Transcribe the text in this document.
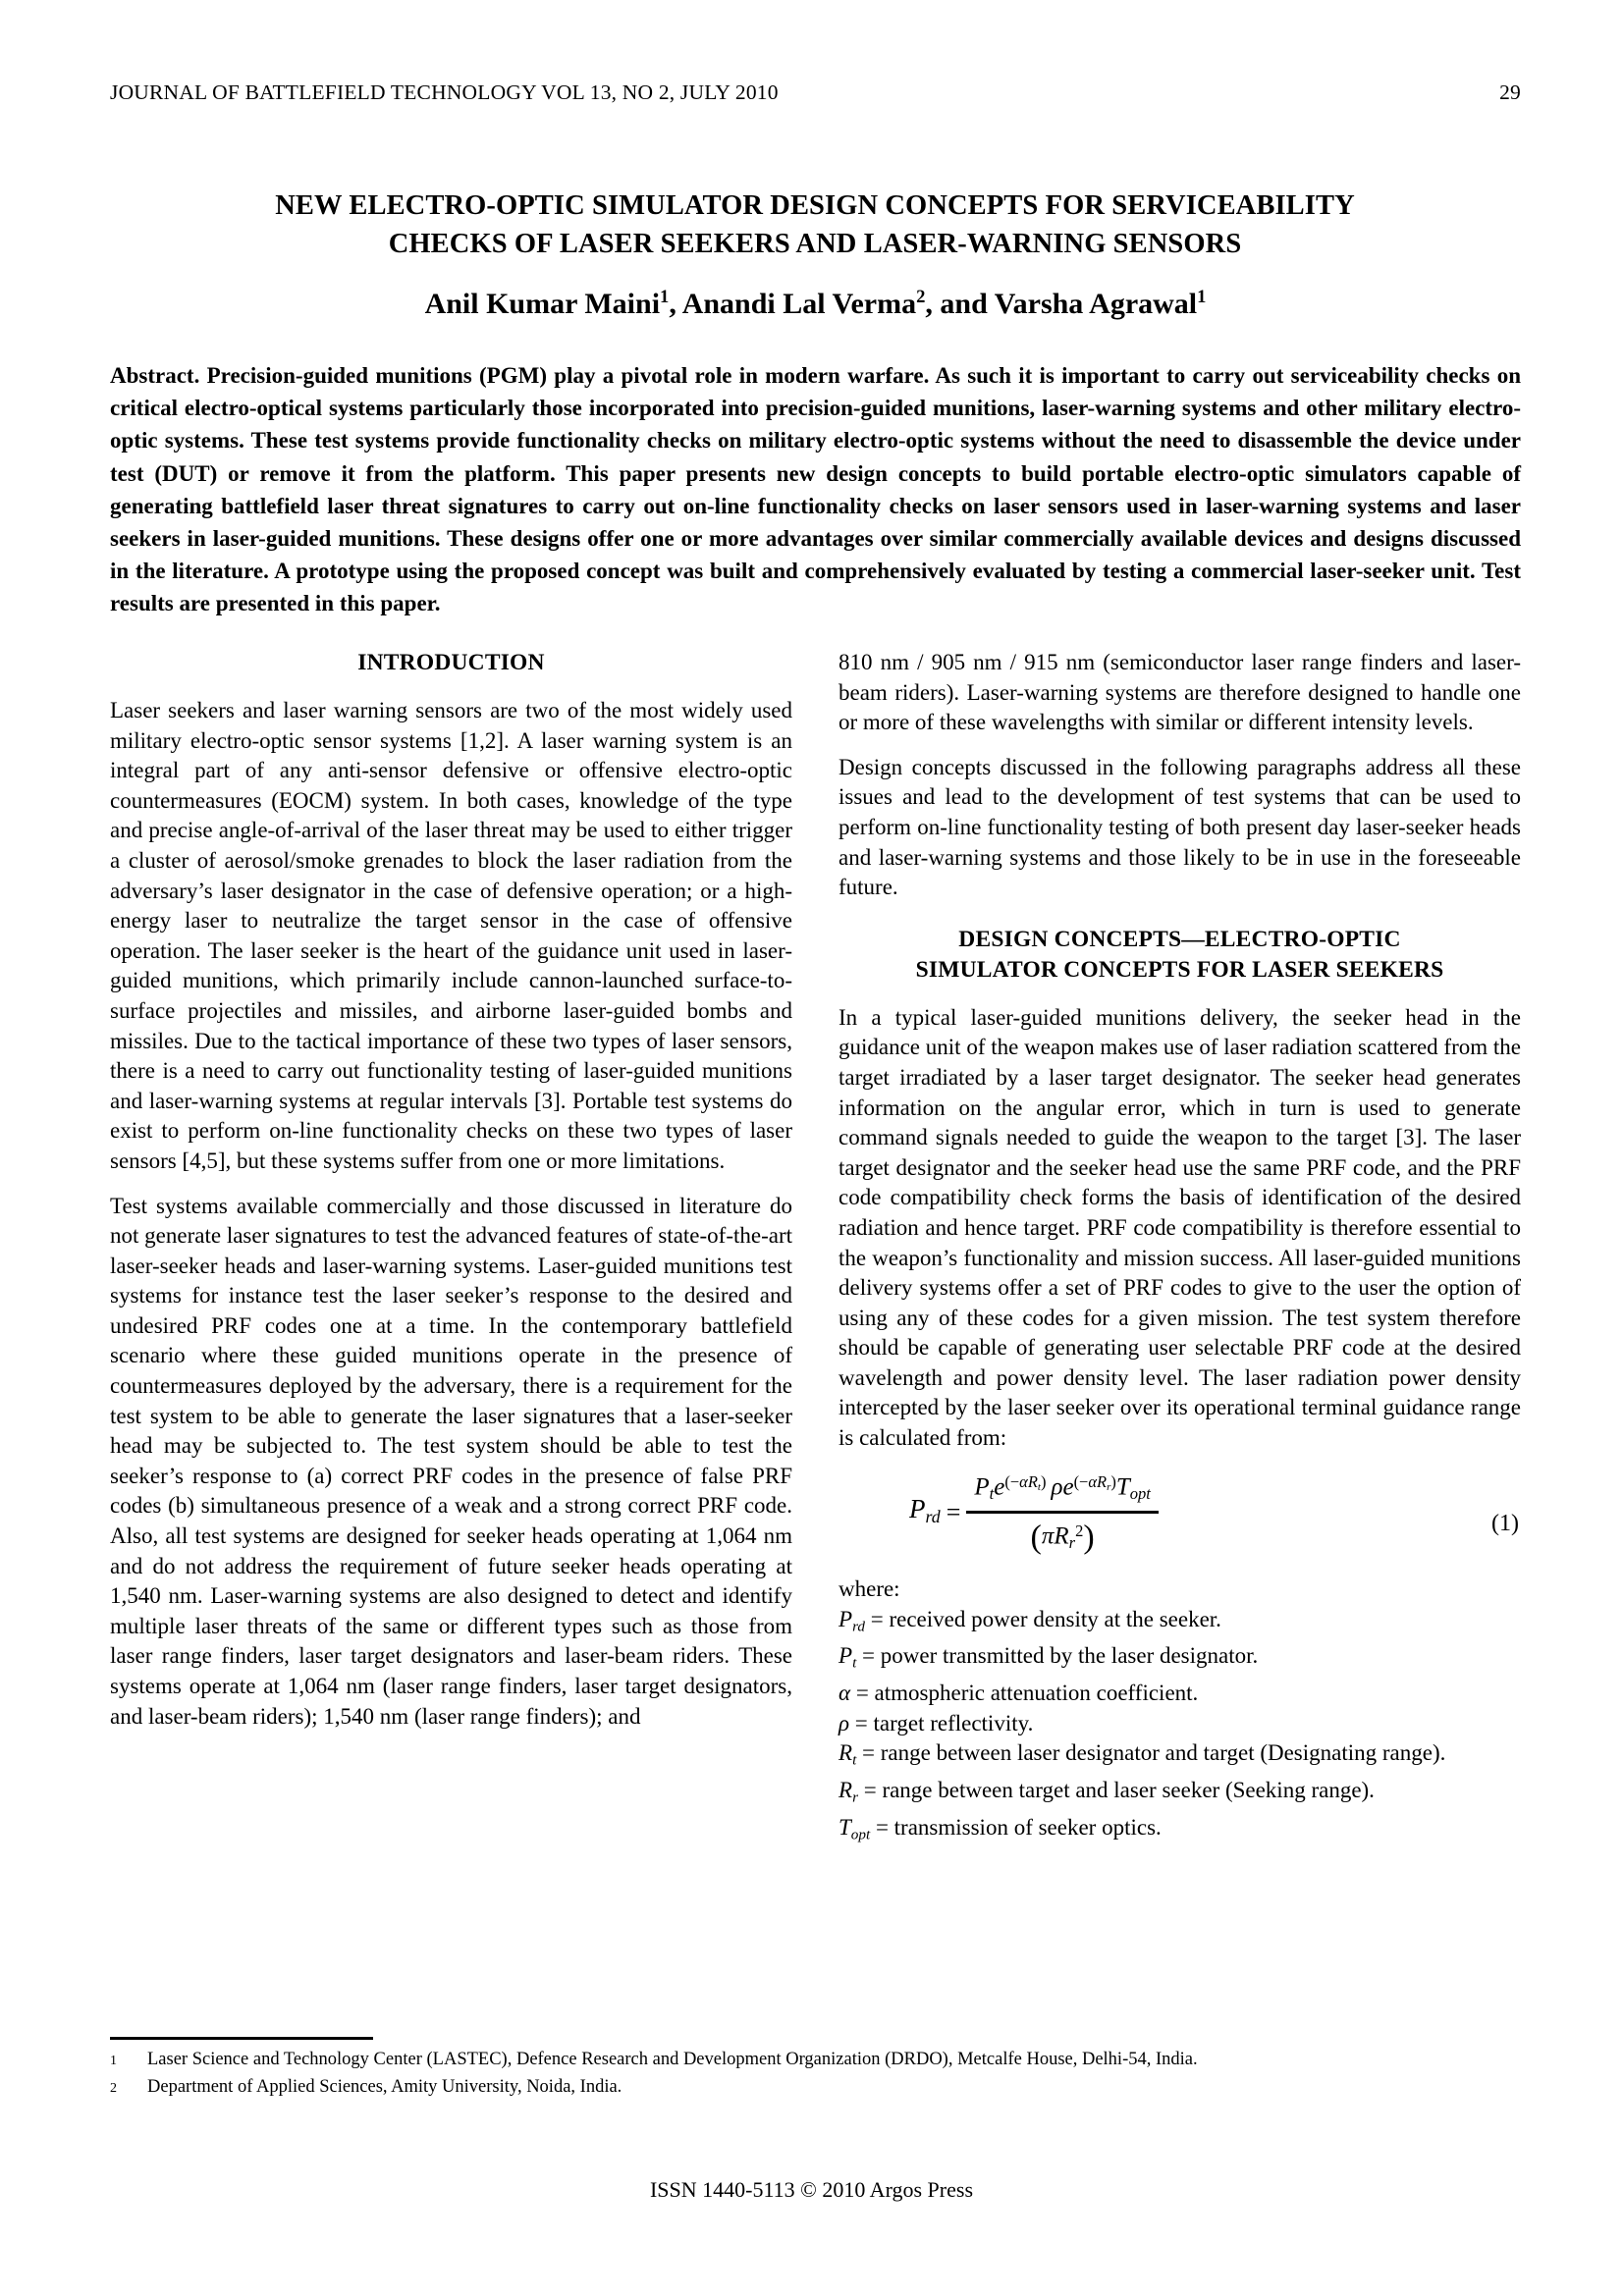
JOURNAL OF BATTLEFIELD TECHNOLOGY VOL 13, NO 2, JULY 2010	29
NEW ELECTRO-OPTIC SIMULATOR DESIGN CONCEPTS FOR SERVICEABILITY
CHECKS OF LASER SEEKERS AND LASER-WARNING SENSORS
Anil Kumar Maini$^1$, Anandi Lal Verma$^2$, and Varsha Agrawal$^1$
Abstract. Precision-guided munitions (PGM) play a pivotal role in modern warfare. As such it is important to carry out serviceability checks on critical electro-optical systems particularly those incorporated into precision-guided munitions, laser-warning systems and other military electro-optic systems. These test systems provide functionality checks on military electro-optic systems without the need to disassemble the device under test (DUT) or remove it from the platform. This paper presents new design concepts to build portable electro-optic simulators capable of generating battlefield laser threat signatures to carry out on-line functionality checks on laser sensors used in laser-warning systems and laser seekers in laser-guided munitions. These designs offer one or more advantages over similar commercially available devices and designs discussed in the literature. A prototype using the proposed concept was built and comprehensively evaluated by testing a commercial laser-seeker unit. Test results are presented in this paper.
INTRODUCTION

Laser seekers and laser warning sensors are two of the most widely used military electro-optic sensor systems [1,2]. A laser warning system is an integral part of any anti-sensor defensive or offensive electro-optic countermeasures (EOCM) system. In both cases, knowledge of the type and precise angle-of-arrival of the laser threat may be used to either trigger a cluster of aerosol/smoke grenades to block the laser radiation from the adversary’s laser designator in the case of defensive operation; or a high-energy laser to neutralize the target sensor in the case of offensive operation. The laser seeker is the heart of the guidance unit used in laser-guided munitions, which primarily include cannon-launched surface-to-surface projectiles and missiles, and airborne laser-guided bombs and missiles. Due to the tactical importance of these two types of laser sensors, there is a need to carry out functionality testing of laser-guided munitions and laser-warning systems at regular intervals [3]. Portable test systems do exist to perform on-line functionality checks on these two types of laser sensors [4,5], but these systems suffer from one or more limitations.

Test systems available commercially and those discussed in literature do not generate laser signatures to test the advanced features of state-of-the-art laser-seeker heads and laser-warning systems. Laser-guided munitions test systems for instance test the laser seeker’s response to the desired and undesired PRF codes one at a time. In the contemporary battlefield scenario where these guided munitions operate in the presence of countermeasures deployed by the adversary, there is a requirement for the test system to be able to generate the laser signatures that a laser-seeker head may be subjected to. The test system should be able to test the seeker’s response to (a) correct PRF codes in the presence of false PRF codes (b) simultaneous presence of a weak and a strong correct PRF code. Also, all test systems are designed for seeker heads operating at 1,064 nm and do not address the requirement of future seeker heads operating at 1,540 nm. Laser-warning systems are also designed to detect and identify multiple laser threats of the same or different types such as those from laser range finders, laser target designators and laser-beam riders. These systems operate at 1,064 nm (laser range finders, laser target designators, and laser-beam riders); 1,540 nm (laser range finders); and

810 nm / 905 nm / 915 nm (semiconductor laser range finders and laser-beam riders). Laser-warning systems are therefore designed to handle one or more of these wavelengths with similar or different intensity levels.

Design concepts discussed in the following paragraphs address all these issues and lead to the development of test systems that can be used to perform on-line functionality testing of both present day laser-seeker heads and laser-warning systems and those likely to be in use in the foreseeable future.

DESIGN CONCEPTS—ELECTRO-OPTIC
SIMULATOR CONCEPTS FOR LASER SEEKERS

In a typical laser-guided munitions delivery, the seeker head in the guidance unit of the weapon makes use of laser radiation scattered from the target irradiated by a laser target designator. The seeker head generates information on the angular error, which in turn is used to generate command signals needed to guide the weapon to the target [3]. The laser target designator and the seeker head use the same PRF code, and the PRF code compatibility check forms the basis of identification of the desired radiation and hence target. PRF code compatibility is therefore essential to the weapon’s functionality and mission success. All laser-guided munitions delivery systems offer a set of PRF codes to give to the user the option of using any of these codes for a given mission. The test system therefore should be capable of generating user selectable PRF code at the desired wavelength and power density level. The laser radiation power density intercepted by the laser seeker over its operational terminal guidance range is calculated from:

$P_{rd} = \frac{P_te^{(-\alpha R_t)} \rho e^{(-\alpha R_r)}T_{opt}}{(\pi R_r^2)}$	(1)
where:
$P_{rd}$ = received power density at the seeker.
$P_t$ = power transmitted by the laser designator.
α = atmospheric attenuation coefficient.
ρ = target reflectivity.
$R_t$ = range between laser designator and target (Designating range).
$R_r$ = range between target and laser seeker (Seeking range).
$T_{opt}$ = transmission of seeker optics.
1	Laser Science and Technology Center (LASTEC), Defence Research and Development Organization (DRDO), Metcalfe House, Delhi-54, India.
2	Department of Applied Sciences, Amity University, Noida, India.
ISSN 1440-5113 © 2010 Argos Press
